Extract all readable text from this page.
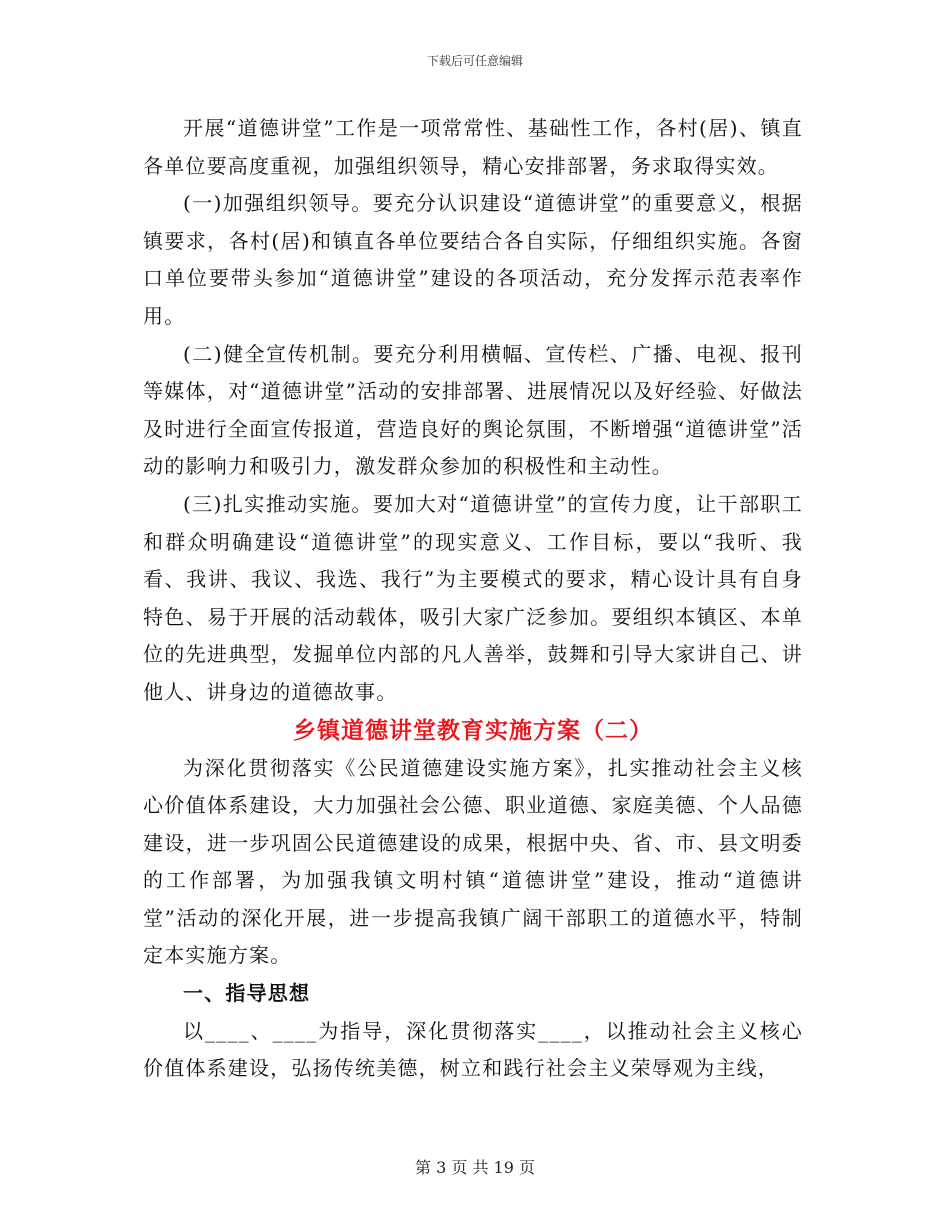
下载后可任意编辑

开展“道德讲堂”工作是一项常常性、基础性工作，各村(居)、镇直各单位要高度重视，加强组织领导，精心安排部署，务求取得实效。

(一)加强组织领导。要充分认识建设“道德讲堂”的重要意义，根据镇要求，各村(居)和镇直各单位要结合各自实际，仔细组织实施。各窗口单位要带头参加“道德讲堂”建设的各项活动，充分发挥示范表率作用。

(二)健全宣传机制。要充分利用横幅、宣传栏、广播、电视、报刊等媒体，对“道德讲堂”活动的安排部署、进展情况以及好经验、好做法及时进行全面宣传报道，营造良好的舆论氛围，不断增强“道德讲堂”活动的影响力和吸引力，激发群众参加的积极性和主动性。

(三)扎实推动实施。要加大对“道德讲堂”的宣传力度，让干部职工和群众明确建设“道德讲堂”的现实意义、工作目标，要以“我听、我看、我讲、我议、我选、我行”为主要模式的要求，精心设计具有自身特色、易于开展的活动载体，吸引大家广泛参加。要组织本镇区、本单位的先进典型，发掘单位内部的凡人善举，鼓舞和引导大家讲自己、讲他人、讲身边的道德故事。

乡镇道德讲堂教育实施方案（二）

为深化贯彻落实《公民道德建设实施方案》，扎实推动社会主义核心价值体系建设，大力加强社会公德、职业道德、家庭美德、个人品德建设，进一步巩固公民道德建设的成果，根据中央、省、市、县文明委的工作部署，为加强我镇文明村镇“道德讲堂”建设，推动“道德讲堂”活动的深化开展，进一步提高我镇广阔干部职工的道德水平，特制定本实施方案。

一、指导思想

以____、____为指导，深化贯彻落实____，以推动社会主义核心价值体系建设，弘扬传统美德，树立和践行社会主义荣辱观为主线，

第 3 页 共 19 页
